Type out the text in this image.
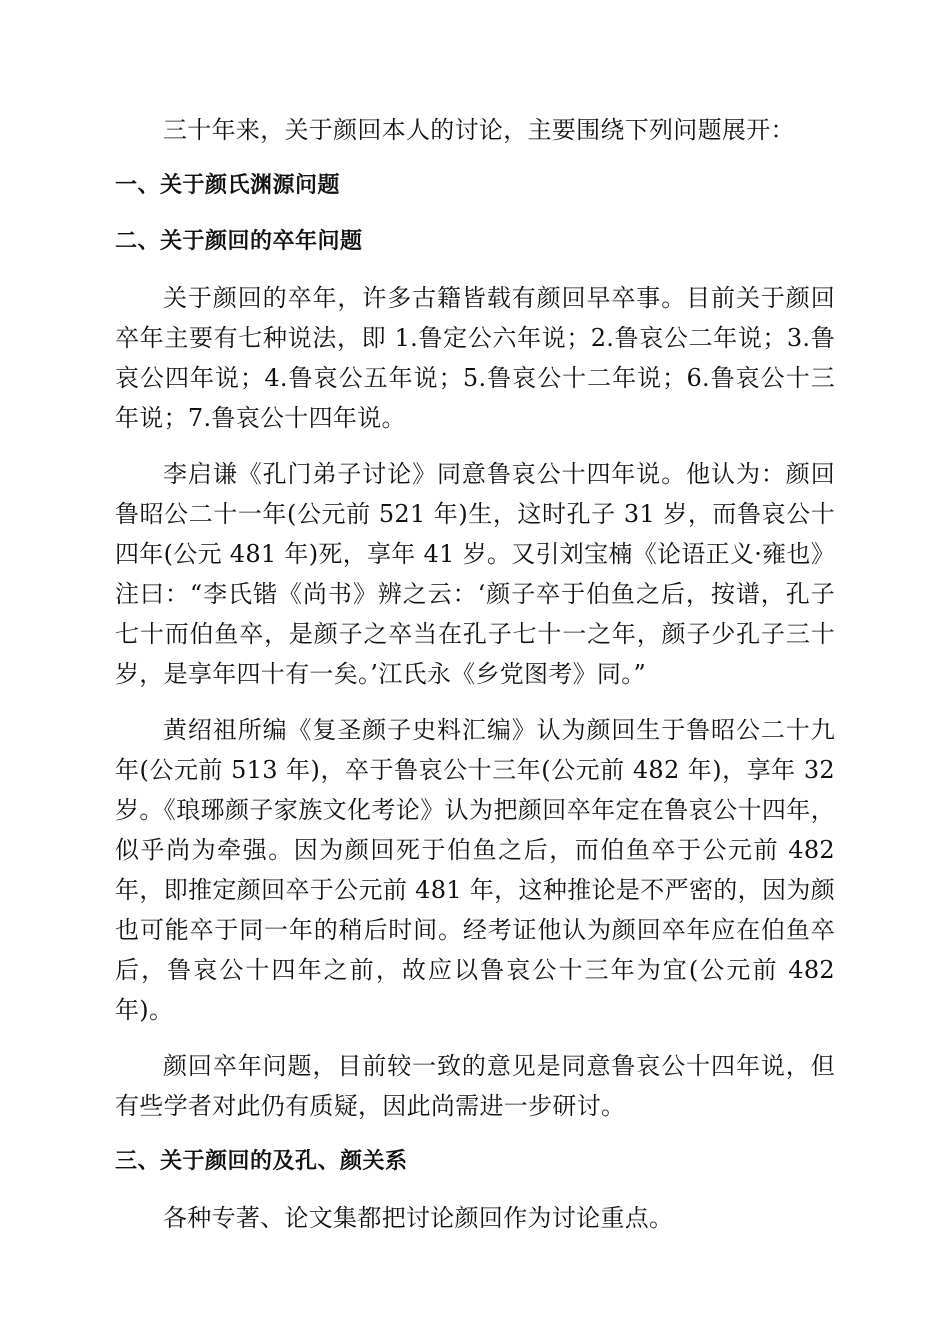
三十年来，关于颜回本人的讨论，主要围绕下列问题展开：

一、关于颜氏渊源问题
二、关于颜回的卒年问题

关于颜回的卒年，许多古籍皆载有颜回早卒事。目前关于颜回卒年主要有七种说法，即 1.鲁定公六年说；2.鲁哀公二年说；3.鲁哀公四年说；4.鲁哀公五年说；5.鲁哀公十二年说；6.鲁哀公十三年说；7.鲁哀公十四年说。

李启谦《孔门弟子讨论》同意鲁哀公十四年说。他认为：颜回鲁昭公二十一年(公元前 521 年)生，这时孔子 31 岁，而鲁哀公十四年(公元 481 年)死，享年 41 岁。又引刘宝楠《论语正义·雍也》注曰：“李氏锴《尚书》辨之云：‘颜子卒于伯鱼之后，按谱，孔子七十而伯鱼卒，是颜子之卒当在孔子七十一之年，颜子少孔子三十岁，是享年四十有一矣。’江氏永《乡党图考》同。”

黄绍祖所编《复圣颜子史料汇编》认为颜回生于鲁昭公二十九年(公元前 513 年)，卒于鲁哀公十三年(公元前 482 年)，享年 32 岁。《琅琊颜子家族文化考论》认为把颜回卒年定在鲁哀公十四年，似乎尚为牵强。因为颜回死于伯鱼之后，而伯鱼卒于公元前 482 年，即推定颜回卒于公元前 481 年，这种推论是不严密的，因为颜也可能卒于同一年的稍后时间。经考证他认为颜回卒年应在伯鱼卒后，鲁哀公十四年之前，故应以鲁哀公十三年为宜(公元前 482 年)。

颜回卒年问题，目前较一致的意见是同意鲁哀公十四年说，但有些学者对此仍有质疑，因此尚需进一步研讨。

三、关于颜回的及孔、颜关系

各种专著、论文集都把讨论颜回作为讨论重点。
